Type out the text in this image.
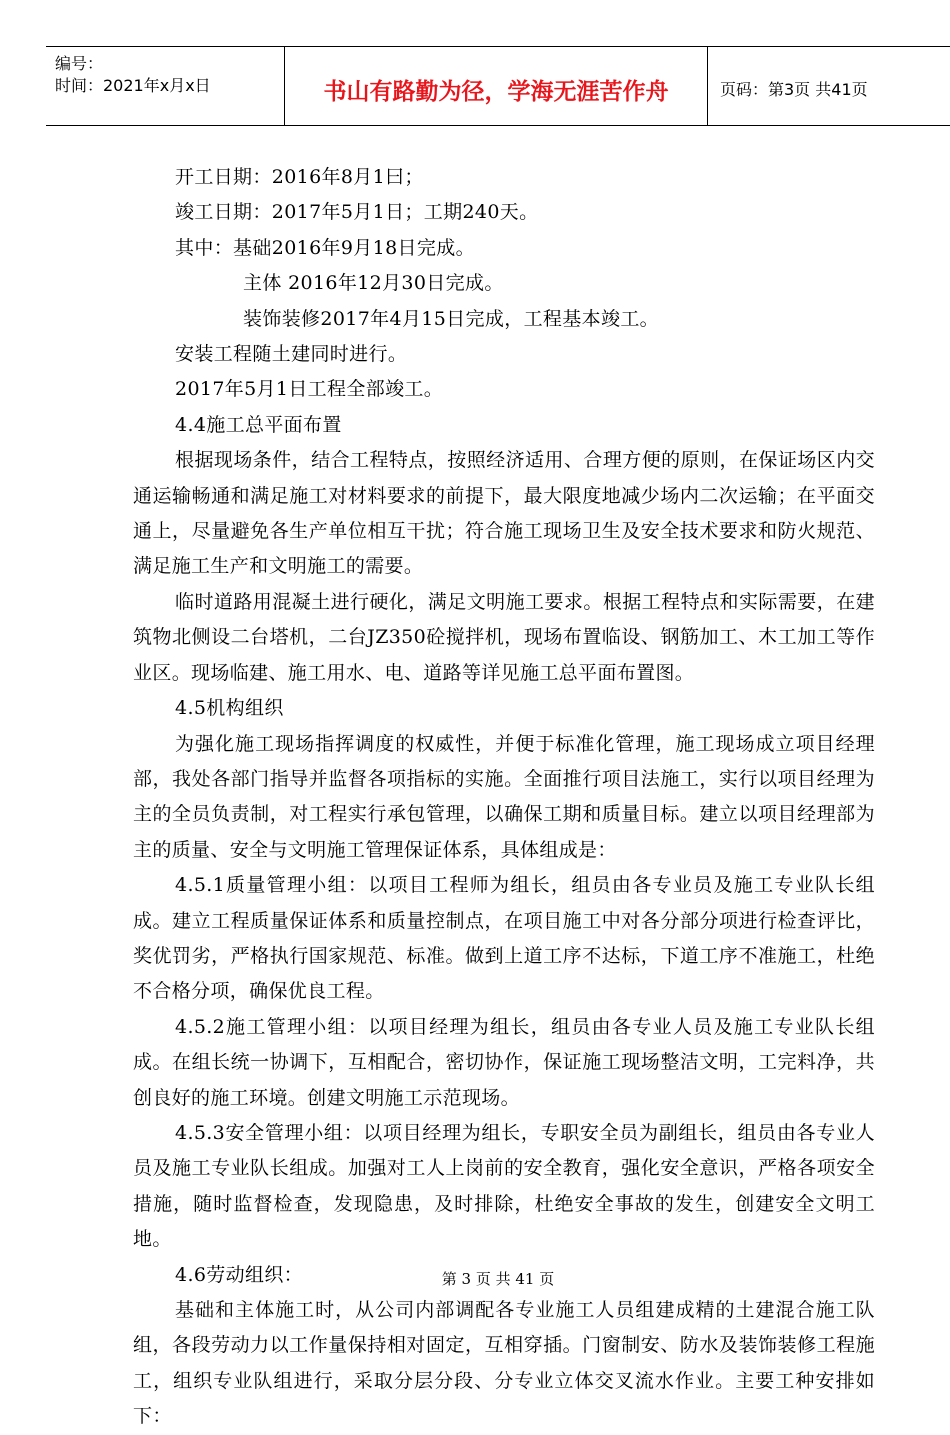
编号：
时间：2021年x月x日	书山有路勤为径，学海无涯苦作舟	页码：第3页 共41页

开工日期：2016年8月1曰；

竣工日期：2017年5月1日；工期240天。

其中：基础2016年9月18日完成。

主体 2016年12月30日完成。

装饰装修2017年4月15日完成，工程基本竣工。

安装工程随土建同时进行。

2017年5月1日工程全部竣工。

4.4施工总平面布置

根据现场条件，结合工程特点，按照经济适用、合理方便的原则，在保证场区内交通运输畅通和满足施工对材料要求的前提下，最大限度地减少场内二次运输；在平面交通上，尽量避免各生产单位相互干扰；符合施工现场卫生及安全技术要求和防火规范、满足施工生产和文明施工的需要。

临时道路用混凝土进行硬化，满足文明施工要求。根据工程特点和实际需要，在建筑物北侧设二台塔机，二台JZ350砼搅拌机，现场布置临设、钢筋加工、木工加工等作业区。现场临建、施工用水、电、道路等详见施工总平面布置图。

4.5机构组织

为强化施工现场指挥调度的权威性，并便于标准化管理，施工现场成立项目经理部，我处各部门指导并监督各项指标的实施。全面推行项目法施工，实行以项目经理为主的全员负责制，对工程实行承包管理，以确保工期和质量目标。建立以项目经理部为主的质量、安全与文明施工管理保证体系，具体组成是：

4.5.1质量管理小组：以项目工程师为组长，组员由各专业员及施工专业队长组成。建立工程质量保证体系和质量控制点，在项目施工中对各分部分项进行检查评比，奖优罚劣，严格执行国家规范、标准。做到上道工序不达标，下道工序不准施工，杜绝不合格分项，确保优良工程。

4.5.2施工管理小组：以项目经理为组长，组员由各专业人员及施工专业队长组成。在组长统一协调下，互相配合，密切协作，保证施工现场整洁文明，工完料净，共创良好的施工环境。创建文明施工示范现场。

4.5.3安全管理小组：以项目经理为组长，专职安全员为副组长，组员由各专业人员及施工专业队长组成。加强对工人上岗前的安全教育，强化安全意识，严格各项安全措施，随时监督检查，发现隐患，及时排除，杜绝安全事故的发生，创建安全文明工地。

4.6劳动组织：

基础和主体施工时，从公司内部调配各专业施工人员组建成精的土建混合施工队组，各段劳动力以工作量保持相对固定，互相穿插。门窗制安、防水及装饰装修工程施工，组织专业队组进行，采取分层分段、分专业立体交叉流水作业。主要工种安排如下：

第 3 页 共 41 页
